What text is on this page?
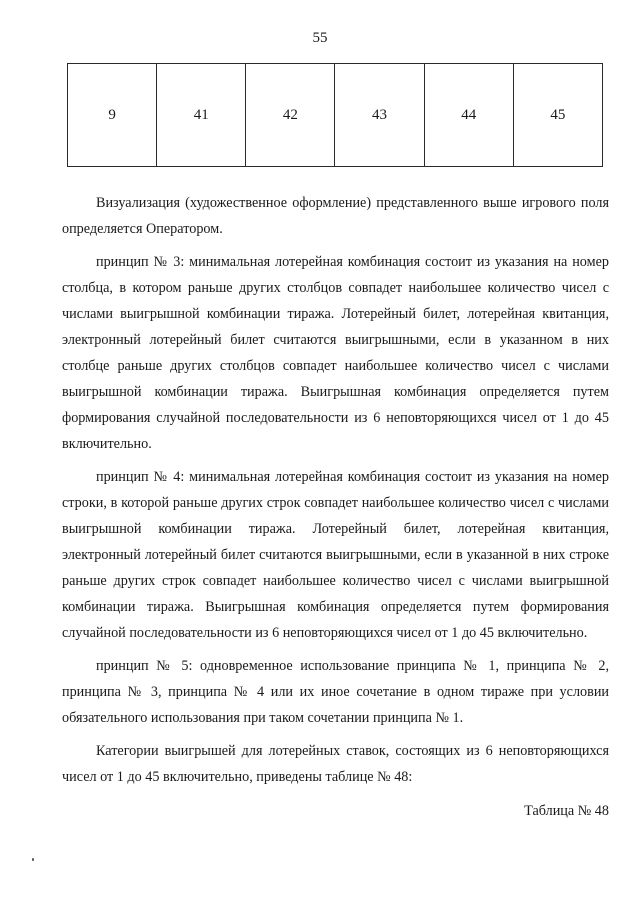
55
9	41	42	43	44	45

Визуализация (художественное оформление) представленного выше игрового поля определяется Оператором.

принцип № 3: минимальная лотерейная комбинация состоит из указания на номер столбца, в котором раньше других столбцов совпадет наибольшее количество чисел с числами выигрышной комбинации тиража. Лотерейный билет, лотерейная квитанция, электронный лотерейный билет считаются выигрышными, если в указанном в них столбце раньше других столбцов совпадет наибольшее количество чисел с числами выигрышной комбинации тиража. Выигрышная комбинация определяется путем формирования случайной последовательности из 6 неповторяющихся чисел от 1 до 45 включительно.

принцип № 4: минимальная лотерейная комбинация состоит из указания на номер строки, в которой раньше других строк совпадет наибольшее количество чисел с числами выигрышной комбинации тиража. Лотерейный билет, лотерейная квитанция, электронный лотерейный билет считаются выигрышными, если в указанной в них строке раньше других строк совпадет наибольшее количество чисел с числами выигрышной комбинации тиража. Выигрышная комбинация определяется путем формирования случайной последовательности из 6 неповторяющихся чисел от 1 до 45 включительно.

принцип № 5: одновременное использование принципа № 1, принципа № 2, принципа № 3, принципа № 4 или их иное сочетание в одном тираже при условии обязательного использования при таком сочетании принципа № 1.

Категории выигрышей для лотерейных ставок, состоящих из 6 неповторяющихся чисел от 1 до 45 включительно, приведены таблице № 48:

Таблица № 48
